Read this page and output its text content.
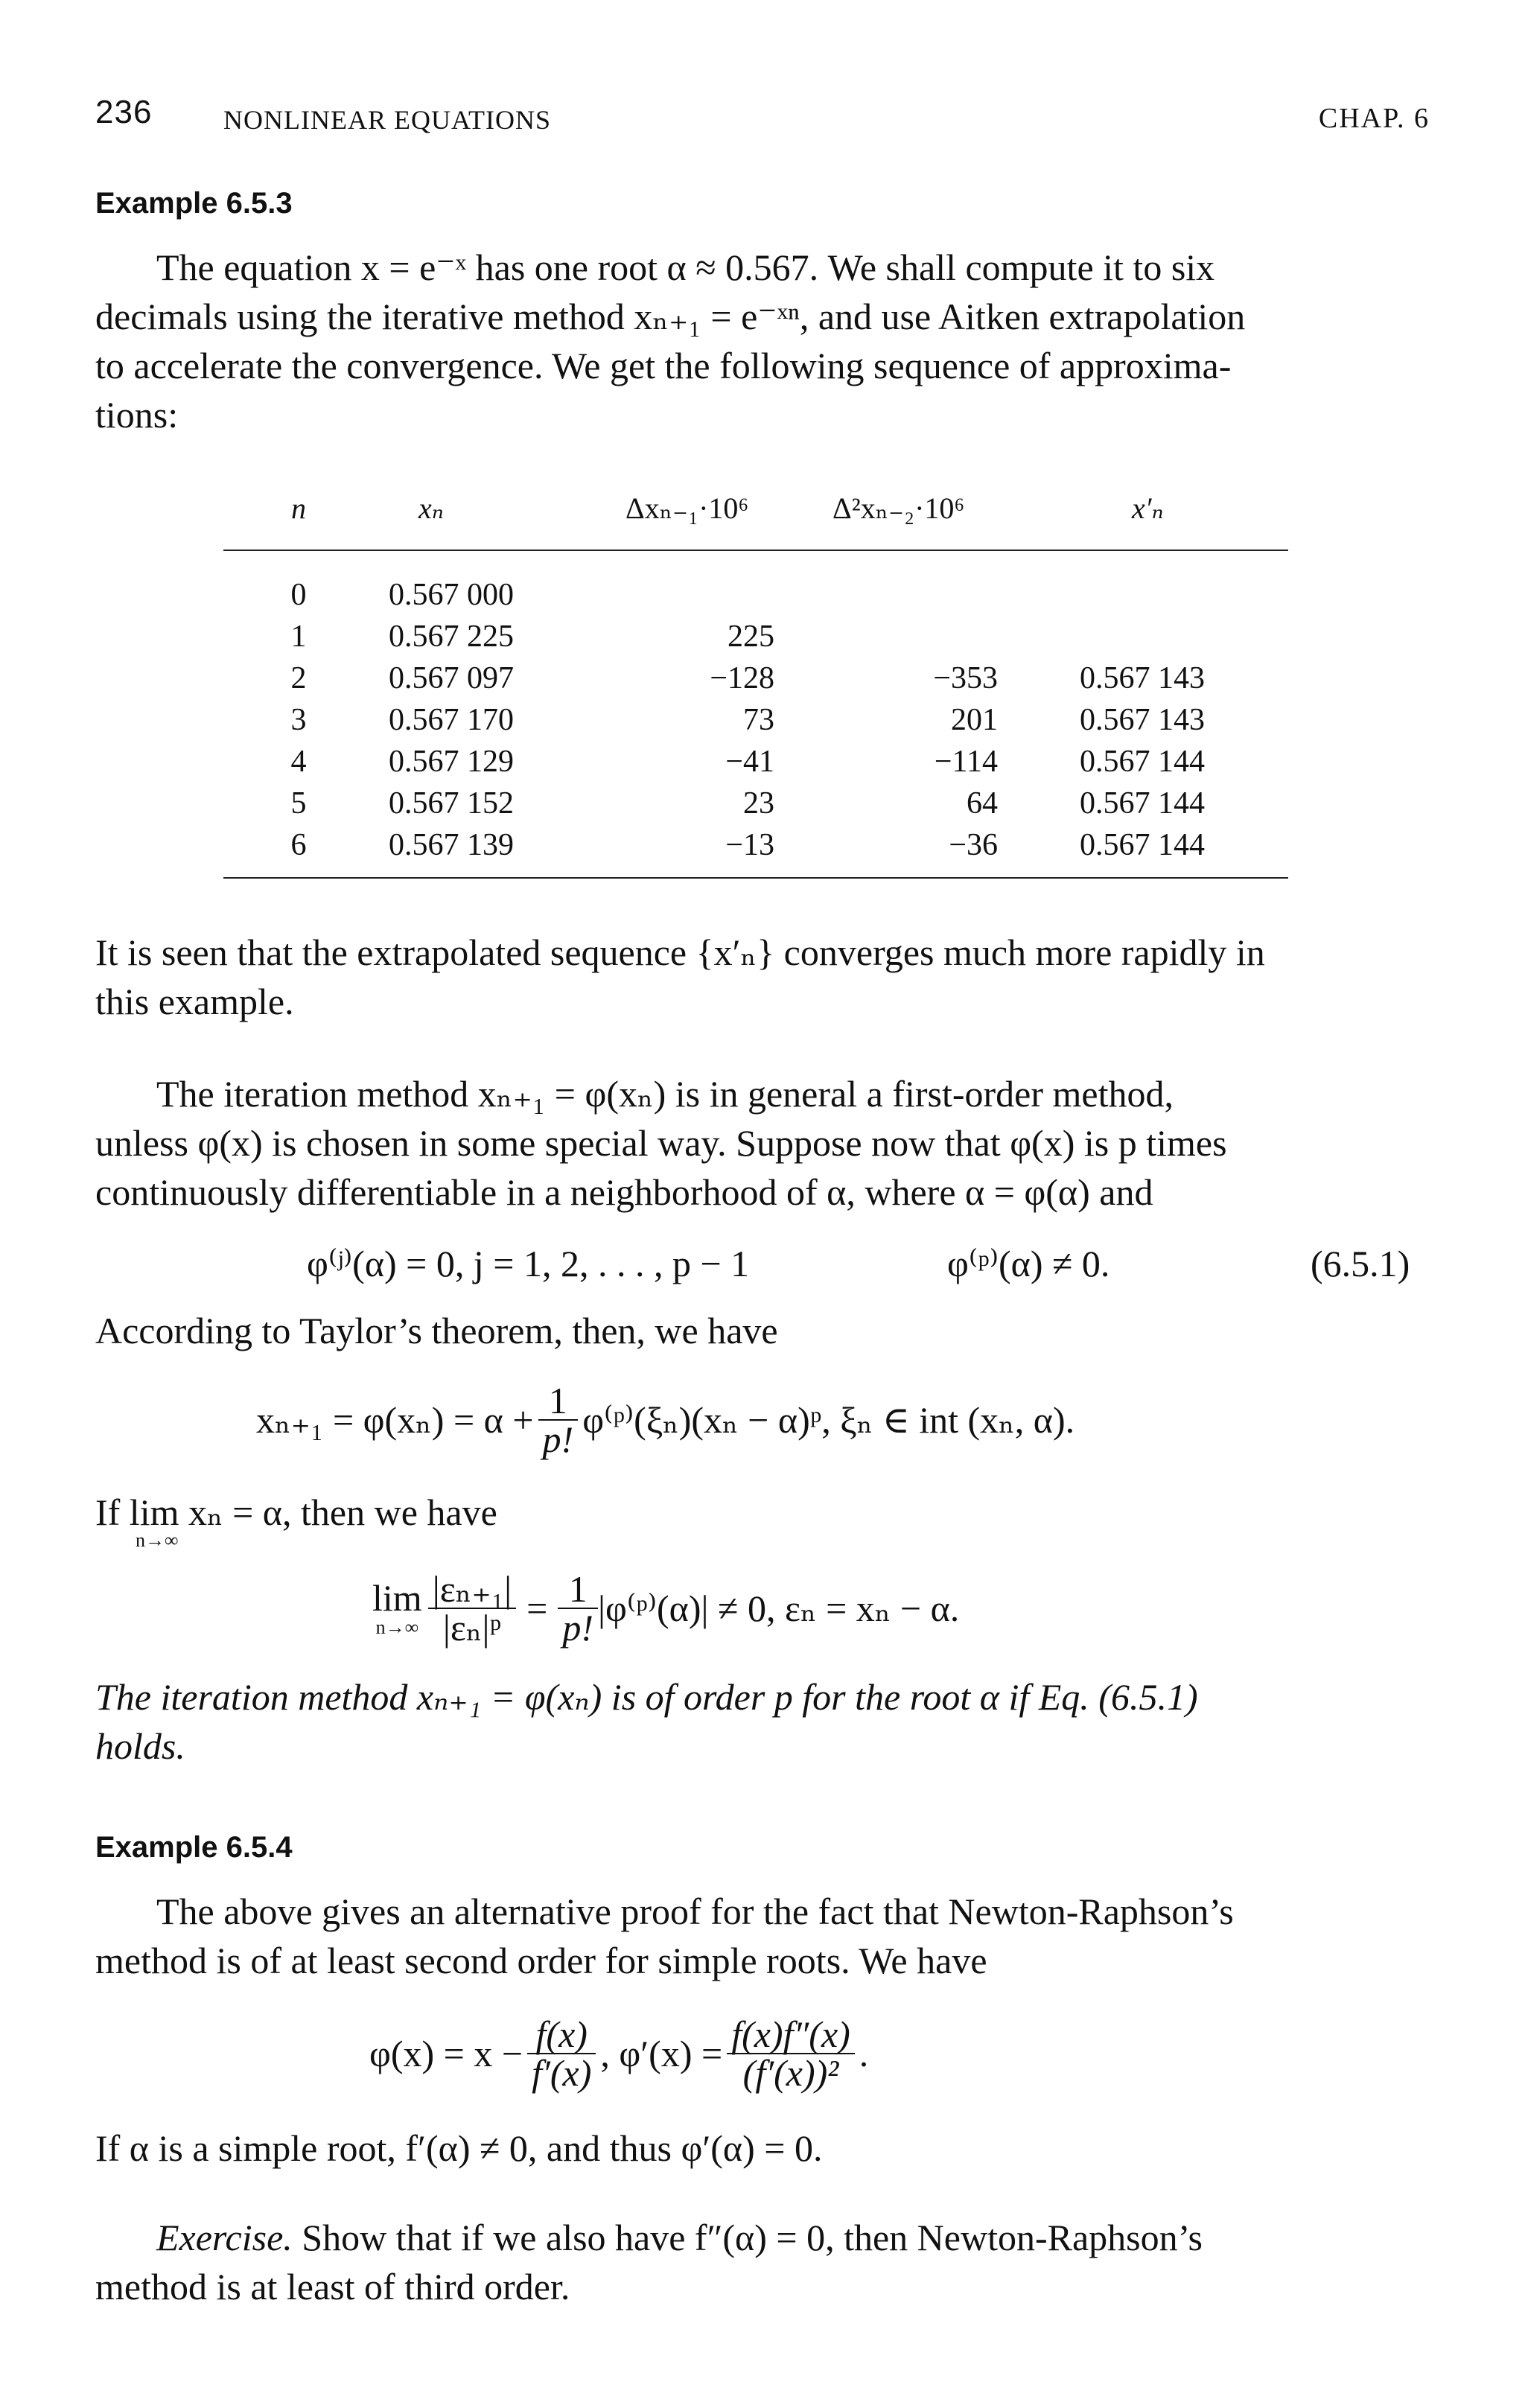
236	NONLINEAR EQUATIONS	CHAP. 6
Example 6.5.3
The equation x = e⁻ˣ has one root α ≈ 0.567. We shall compute it to six
decimals using the iterative method xₙ₊₁ = e⁻ˣⁿ, and use Aitken extrapolation
to accelerate the convergence. We get the following sequence of approxima-
tions:
n	xₙ	Δxₙ₋₁·10⁶	Δ²xₙ₋₂·10⁶	x′ₙ
0	0.567 000
1	0.567 225	225
2	0.567 097	−128	−353	0.567 143
3	0.567 170	73	201	0.567 143
4	0.567 129	−41	−114	0.567 144
5	0.567 152	23	64	0.567 144
6	0.567 139	−13	−36	0.567 144
It is seen that the extrapolated sequence {x′ₙ} converges much more rapidly in
this example.
The iteration method xₙ₊₁ = φ(xₙ) is in general a first-order method,
unless φ(x) is chosen in some special way. Suppose now that φ(x) is p times
continuously differentiable in a neighborhood of α, where α = φ(α) and
φ⁽ʲ⁾(α) = 0, j = 1, 2, . . . , p − 1	φ⁽ᵖ⁾(α) ≠ 0.	(6.5.1)
According to Taylor’s theorem, then, we have
$x_{n+1} = \varphi(x_n) = \alpha + \frac{1}{p!}$ φ⁽ᵖ⁾(ξₙ)(xₙ − α)ᵖ, ξₙ ∈ int (xₙ, α).
If lim xₙ = α, then we have
n→∞
lim
$n\to\infty \frac{\text{|εₙ₊₁|}}{\text{|εₙ|ᵖ}} = \frac{1}{p!}$ |φ⁽ᵖ⁾(α)| ≠ 0, εₙ = xₙ − α.
The iteration method xₙ₊₁ = φ(xₙ) is of order p for the root α if Eq. (6.5.1)
holds.
Example 6.5.4
The above gives an alternative proof for the fact that Newton-Raphson’s
method is of at least second order for simple roots. We have
$\varphi(x) = x - \frac{f(x)}{f'(x)}$ , $\varphi'(x) = \frac{f(x)f''(x)}{\text{(f′(x))²}}$ .
If α is a simple root, f′(α) ≠ 0, and thus φ′(α) = 0.
Exercise. Show that if we also have f″(α) = 0, then Newton-Raphson’s
method is at least of third order.
